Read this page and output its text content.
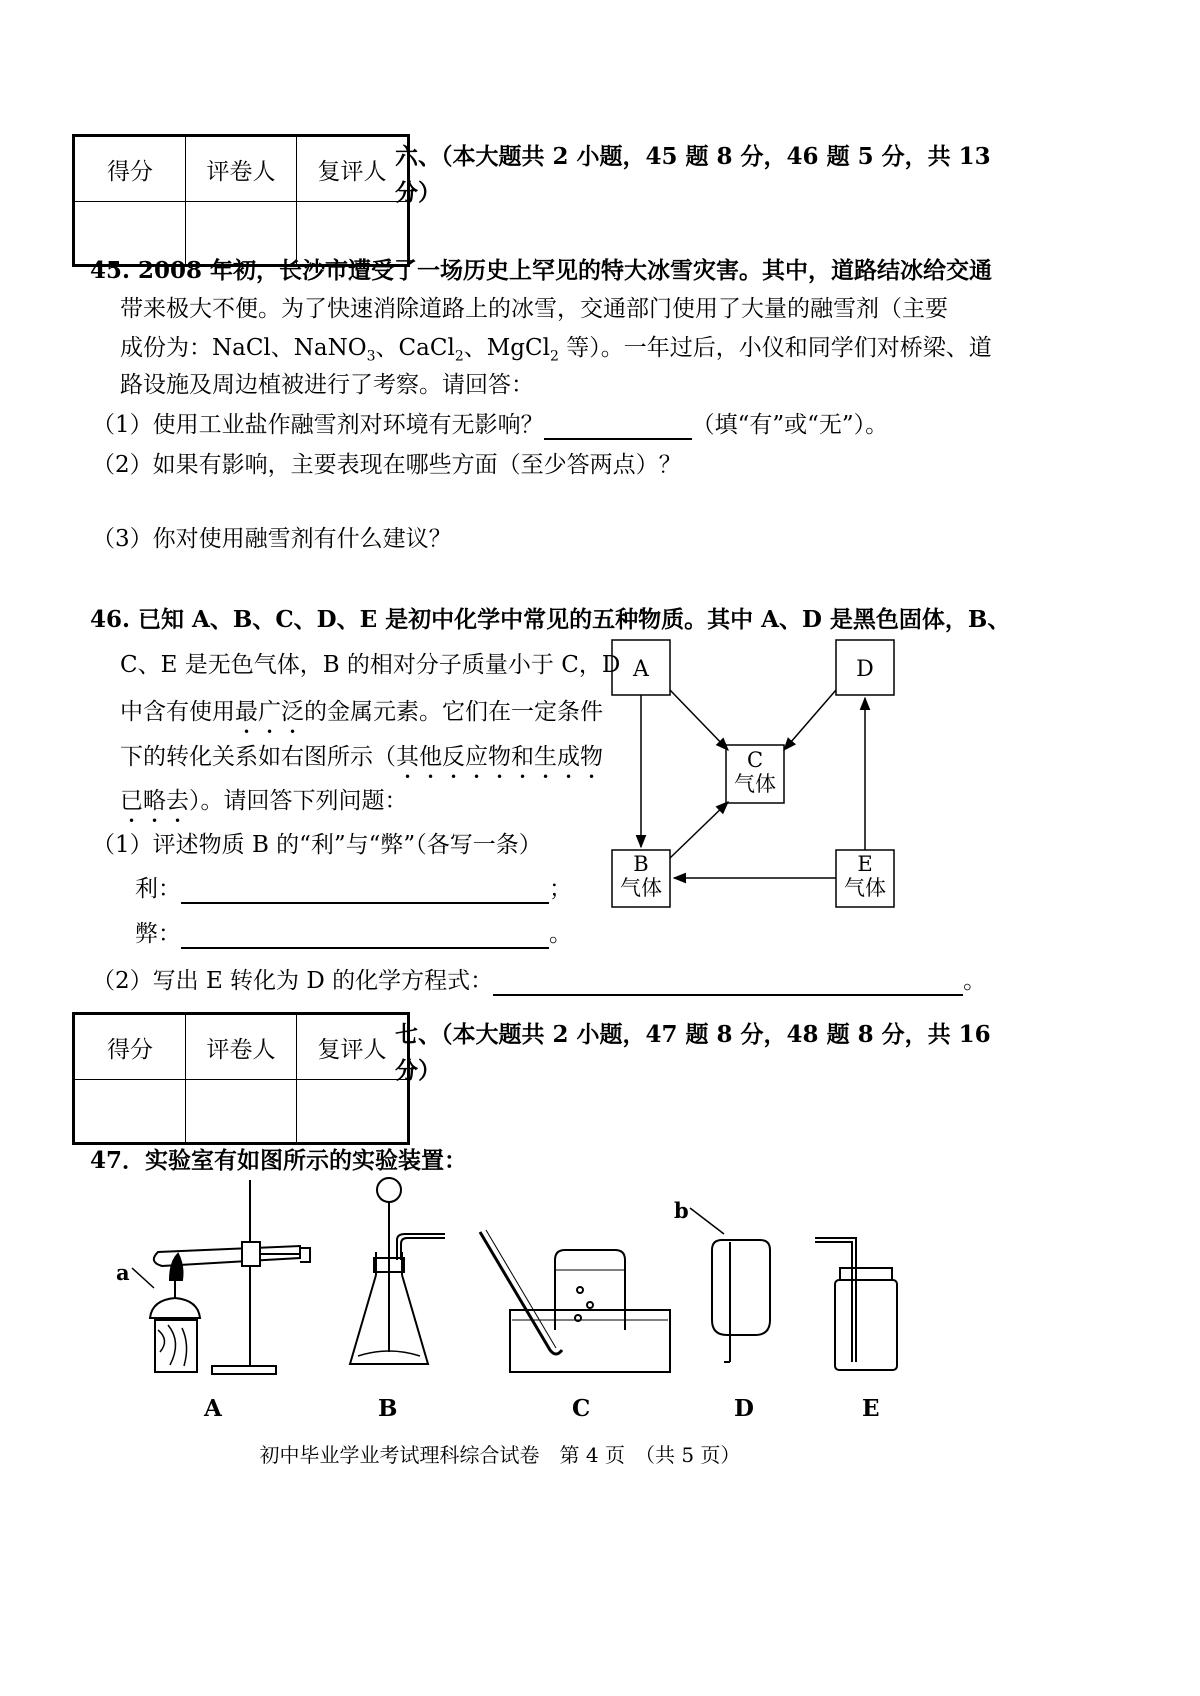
得分	评卷人	复评人

六、（本大题共 2 小题，45 题 8 分，46 题 5 分，共 13
分）
45. 2008 年初，长沙市遭受了一场历史上罕见的特大冰雪灾害。其中，道路结冰给交通
带来极大不便。为了快速消除道路上的冰雪，交通部门使用了大量的融雪剂（主要
成份为：NaCl、NaNO$_3$、CaCl$_2$、MgCl$_2$ 等）。一年过后，小仪和同学们对桥梁、道
路设施及周边植被进行了考察。请回答：
（1）使用工业盐作融雪剂对环境有无影响？	（填“有”或“无”）。
（2）如果有影响，主要表现在哪些方面（至少答两点）？
（3）你对使用融雪剂有什么建议？
46. 已知 A、B、C、D、E 是初中化学中常见的五种物质。其中 A、D 是黑色固体，B、
C、E 是无色气体，B 的相对分子质量小于 C，D
中含有使用最广泛的金属元素。它们在一定条件
下的转化关系如右图所示（其他反应物和生成物
已略去）。请回答下列问题：
（1）评述物质 B 的“利”与“弊”（各写一条）
利：	；
弊：	。
（2）写出 E 转化为 D 的化学方程式：	。
A	D
C
气体
B
气体
E
气体
得分	评卷人	复评人

七、（本大题共 2 小题，47 题 8 分，48 题 8 分，共 16
分）
47．实验室有如图所示的实验装置：
a
b
A	B	C	D	E
初中毕业学业考试理科综合试卷　第 4 页　（共 5 页）
